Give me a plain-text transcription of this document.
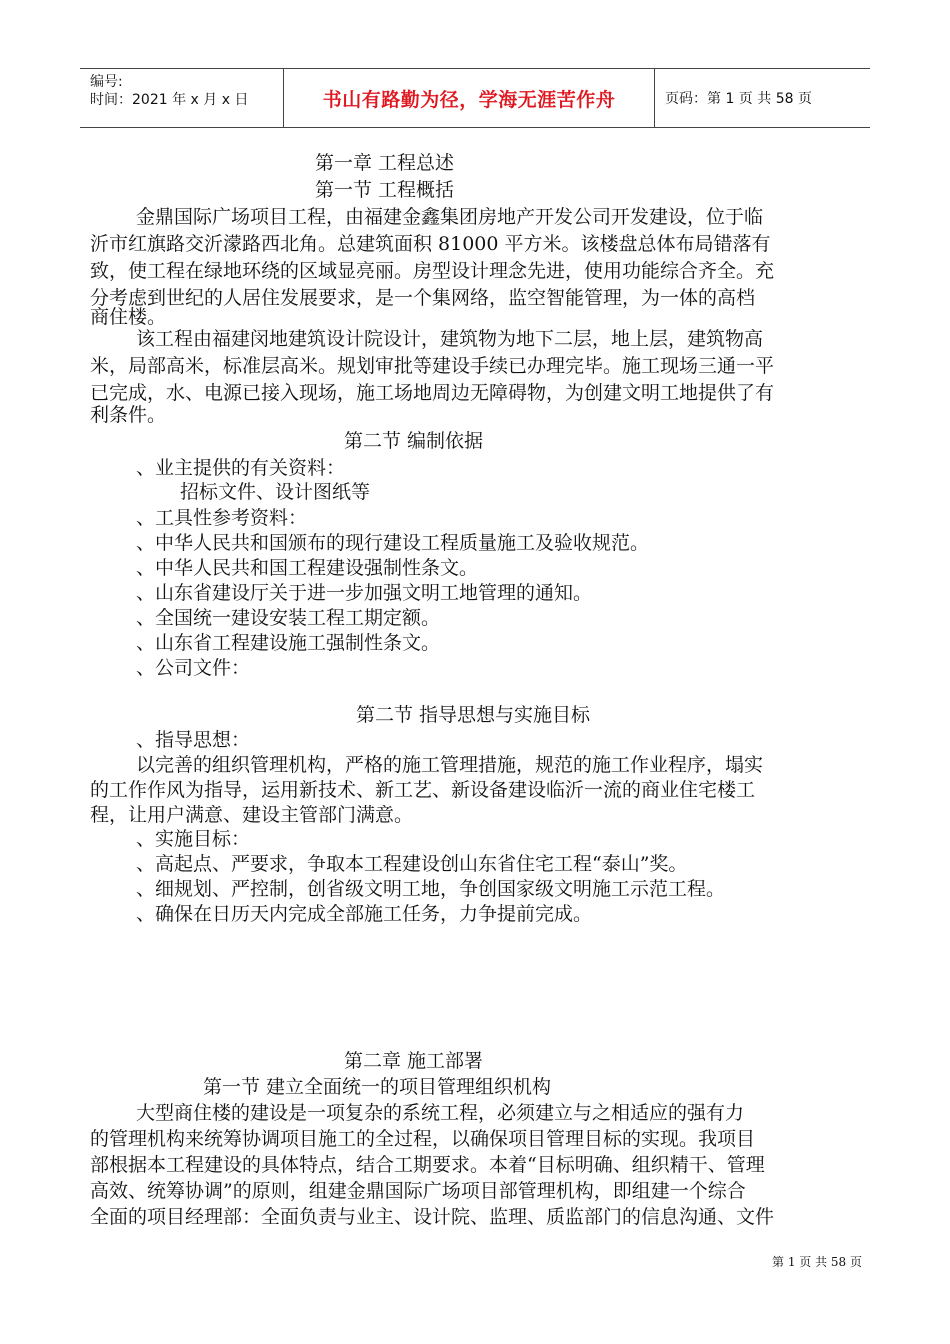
编号:
时间：2021 年 x 月 x 日	书山有路勤为径，学海无涯苦作舟	页码：第 1 页 共 58 页
第一章 工程总述
第一节 工程概括
金鼎国际广场项目工程，由福建金鑫集团房地产开发公司开发建设，位于临
沂市红旗路交沂濛路西北角。总建筑面积 81000 平方米。该楼盘总体布局错落有
致，使工程在绿地环绕的区域显亮丽。房型设计理念先进，使用功能综合齐全。充
分考虑到世纪的人居住发展要求，是一个集网络，监空智能管理，为一体的高档
商住楼。
该工程由福建闵地建筑设计院设计，建筑物为地下二层，地上层，建筑物高
米，局部高米，标准层高米。规划审批等建设手续已办理完毕。施工现场三通一平
已完成，水、电源已接入现场，施工场地周边无障碍物，为创建文明工地提供了有
利条件。
第二节 编制依据
、业主提供的有关资料：
招标文件、设计图纸等
、工具性参考资料：
、中华人民共和国颁布的现行建设工程质量施工及验收规范。
、中华人民共和国工程建设强制性条文。
、山东省建设厅关于进一步加强文明工地管理的通知。
、全国统一建设安装工程工期定额。
、山东省工程建设施工强制性条文。
、公司文件：
第二节 指导思想与实施目标
、指导思想：
以完善的组织管理机构，严格的施工管理措施，规范的施工作业程序，塌实
的工作作风为指导，运用新技术、新工艺、新设备建设临沂一流的商业住宅楼工
程，让用户满意、建设主管部门满意。
、实施目标：
、高起点、严要求，争取本工程建设创山东省住宅工程“泰山”奖。
、细规划、严控制，创省级文明工地，争创国家级文明施工示范工程。
、确保在日历天内完成全部施工任务，力争提前完成。
第二章 施工部署
第一节 建立全面统一的项目管理组织机构
大型商住楼的建设是一项复杂的系统工程，必须建立与之相适应的强有力
的管理机构来统筹协调项目施工的全过程，以确保项目管理目标的实现。我项目
部根据本工程建设的具体特点，结合工期要求。本着“目标明确、组织精干、管理
高效、统筹协调”的原则，组建金鼎国际广场项目部管理机构，即组建一个综合
全面的项目经理部：全面负责与业主、设计院、监理、质监部门的信息沟通、文件
第 1 页 共 58 页
